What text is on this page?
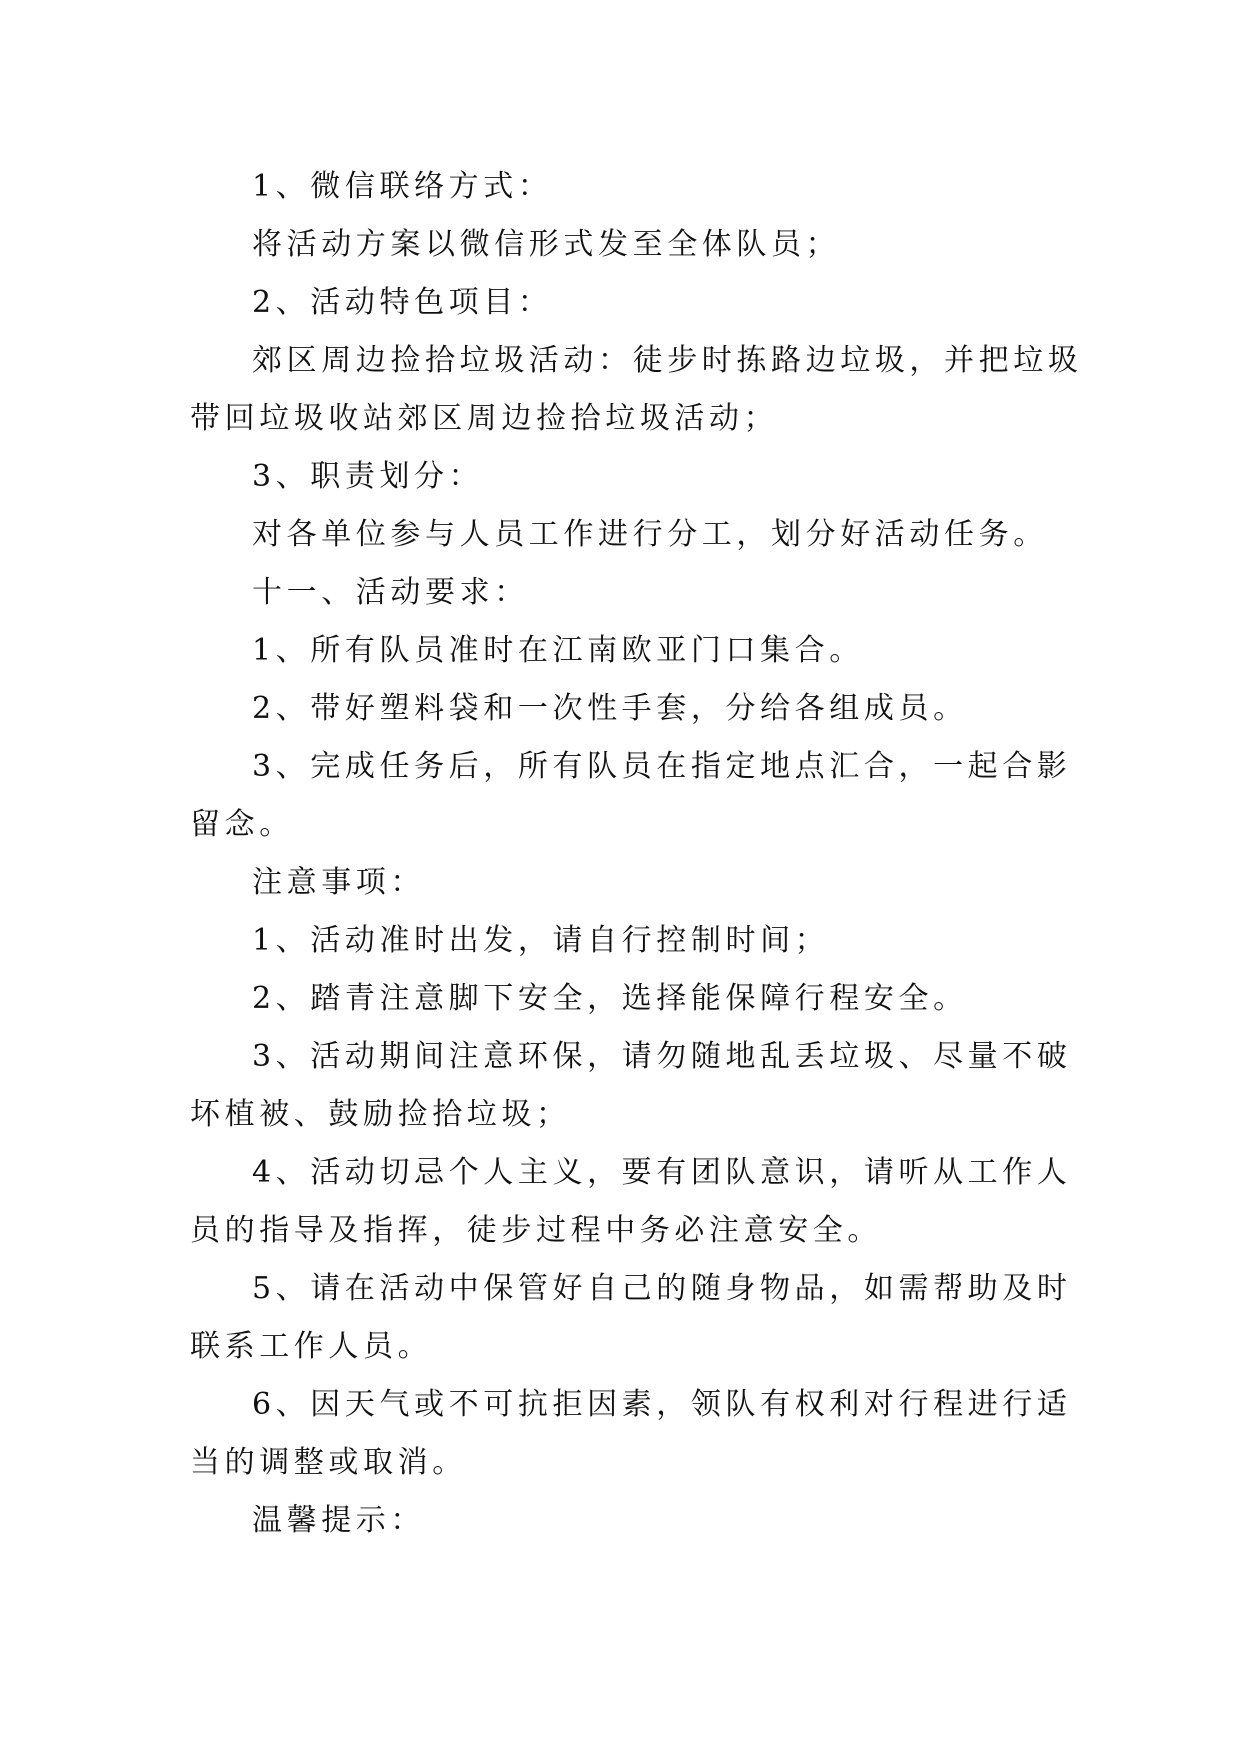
1、微信联络方式：
将活动方案以微信形式发至全体队员；
2、活动特色项目：
郊区周边捡拾垃圾活动：徒步时拣路边垃圾，并把垃圾
带回垃圾收站郊区周边捡拾垃圾活动；
3、职责划分：
对各单位参与人员工作进行分工，划分好活动任务。
十一、活动要求：
1、所有队员准时在江南欧亚门口集合。
2、带好塑料袋和一次性手套，分给各组成员。
3、完成任务后，所有队员在指定地点汇合，一起合影
留念。
注意事项：
1、活动准时出发，请自行控制时间；
2、踏青注意脚下安全，选择能保障行程安全。
3、活动期间注意环保，请勿随地乱丢垃圾、尽量不破
坏植被、鼓励捡拾垃圾；
4、活动切忌个人主义，要有团队意识，请听从工作人
员的指导及指挥，徒步过程中务必注意安全。
5、请在活动中保管好自己的随身物品，如需帮助及时
联系工作人员。
6、因天气或不可抗拒因素，领队有权利对行程进行适
当的调整或取消。
温馨提示：
